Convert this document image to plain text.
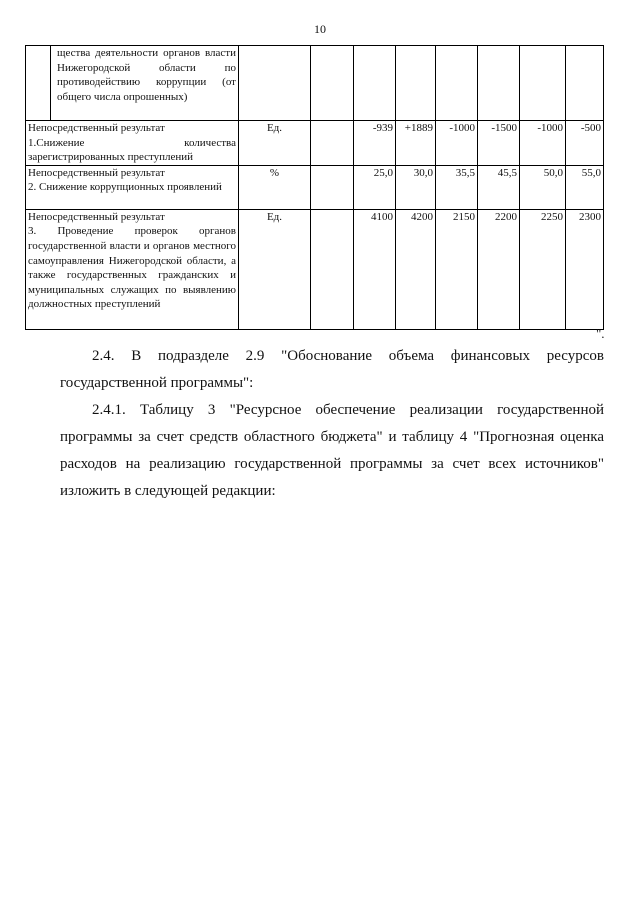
10
	щества деятельности органов власти Нижегородской области по противодействию коррупции (от общего числа опрошенных)								

Непосредственный результат
1.Снижение количества зарегистрированных преступлений		Ед.		-939	+1889	-1000	-1500	-1000	-500

Непосредственный результат
2. Снижение коррупционных проявлений		%		25,0	30,0	35,5	45,5	50,0	55,0

Непосредственный результат
3. Проведение проверок органов государственной власти и органов местного самоуправления Нижегородской области, а также государственных гражданских и муниципальных служащих по выявлению должностных преступлений		Ед.		4100	4200	2150	2200	2250	2300
".

2.4. В подразделе 2.9 "Обоснование объема финансовых ресурсов государственной программы":

2.4.1. Таблицу 3 "Ресурсное обеспечение реализации государственной программы за счет средств областного бюджета" и таблицу 4 "Прогнозная оценка расходов на реализацию государственной программы за счет всех источников" изложить в следующей редакции:
